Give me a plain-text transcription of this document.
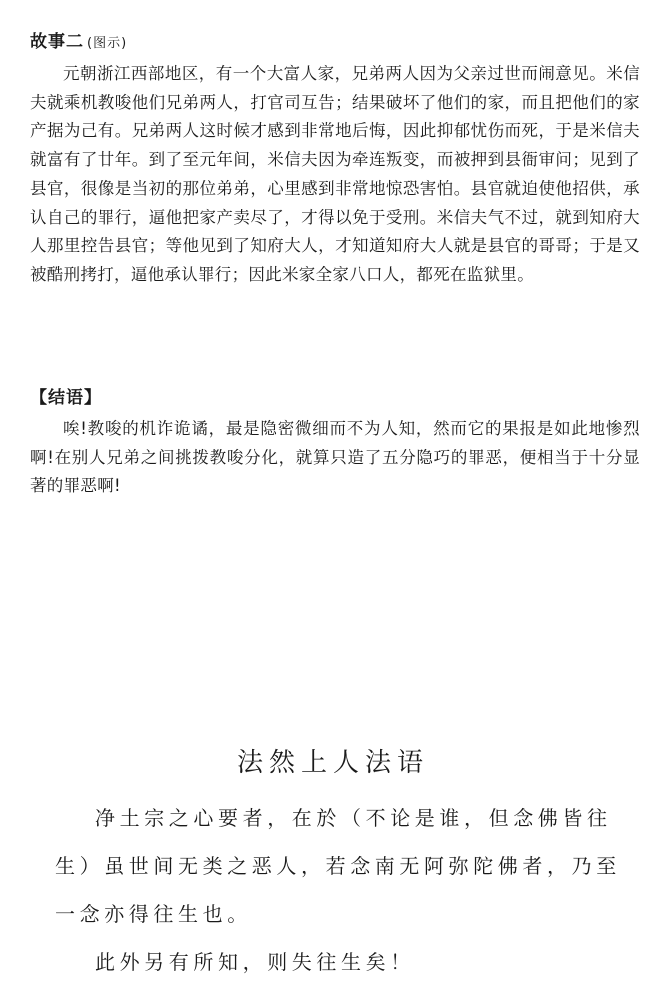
故事二 (图示)

元朝浙江西部地区，有一个大富人家，兄弟两人因为父亲过世而闹意见。米信夫就乘机教唆他们兄弟两人，打官司互告；结果破坏了他们的家，而且把他们的家产据为己有。兄弟两人这时候才感到非常地后悔，因此抑郁忧伤而死，于是米信夫就富有了廿年。到了至元年间，米信夫因为牵连叛变，而被押到县衙审问；见到了县官，很像是当初的那位弟弟，心里感到非常地惊恐害怕。县官就迫使他招供，承认自己的罪行，逼他把家产卖尽了，才得以免于受刑。米信夫气不过，就到知府大人那里控告县官；等他见到了知府大人，才知道知府大人就是县官的哥哥；于是又被酷刑拷打，逼他承认罪行；因此米家全家八口人，都死在监狱里。

【结语】

唉!教唆的机诈诡谲，最是隐密微细而不为人知，然而它的果报是如此地惨烈啊!在别人兄弟之间挑拨教唆分化，就算只造了五分隐巧的罪恶，便相当于十分显著的罪恶啊!

法然上人法语

净土宗之心要者，在於（不论是谁，但念佛皆往生）虽世间无类之恶人，若念南无阿弥陀佛者，乃至一念亦得往生也。

此外另有所知，则失往生矣！
